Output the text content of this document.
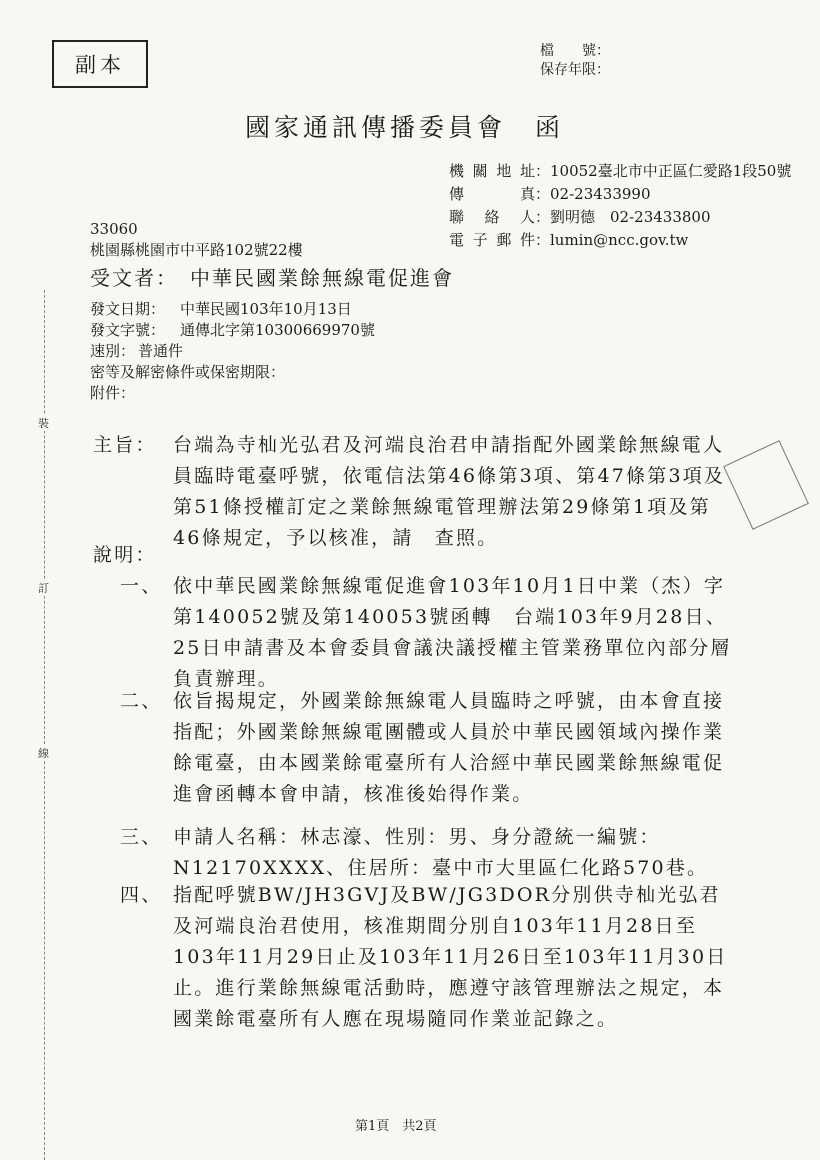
副本
檔　　號：
保存年限：
國家通訊傳播委員會　函
機關地址 ：10052臺北市中正區仁愛路1段50號
傳　　真 ：02-23433990
聯 絡 人 ：劉明德　02-23433800
電子郵件 ：lumin@ncc.gov.tw
33060
桃園縣桃園市中平路102號22樓
受文者：　中華民國業餘無線電促進會
發文日期： 中華民國103年10月13日
發文字號： 通傳北字第10300669970號
速別： 普通件
密等及解密條件或保密期限：
附件：
裝
訂
線
主旨： 台端為寺杣光弘君及河端良治君申請指配外國業餘無線電人員臨時電臺呼號，依電信法第46條第3項、第47條第3項及第51條授權訂定之業餘無線電管理辦法第29條第1項及第46條規定，予以核准，請　查照。
說明：
一、 依中華民國業餘無線電促進會103年10月1日中業（杰）字第140052號及第140053號函轉　台端103年9月28日、25日申請書及本會委員會議決議授權主管業務單位內部分層負責辦理。
二、 依旨揭規定，外國業餘無線電人員臨時之呼號，由本會直接指配；外國業餘無線電團體或人員於中華民國領域內操作業餘電臺，由本國業餘電臺所有人洽經中華民國業餘無線電促進會函轉本會申請，核准後始得作業。
三、 申請人名稱：林志濠、性別：男、身分證統一編號：N12170XXXX、住居所：臺中市大里區仁化路570巷。
四、 指配呼號BW/JH3GVJ及BW/JG3DOR分別供寺杣光弘君及河端良治君使用，核准期間分別自103年11月28日至103年11月29日止及103年11月26日至103年11月30日止。進行業餘無線電活動時，應遵守該管理辦法之規定，本國業餘電臺所有人應在現場隨同作業並記錄之。
第1頁　共2頁
